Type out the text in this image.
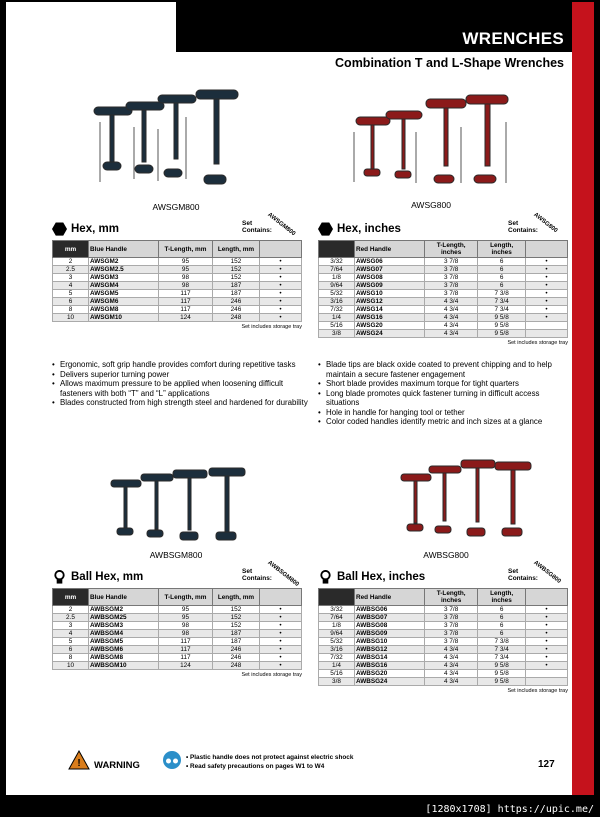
WRENCHES
Combination T and L-Shape Wrenches
AWSGM800	AWSG800
Hex, mm	Set
Contains:
AWSGM800
mm	Blue Handle	T-Length, mm	Length, mm	
2	AWSGM2	95	152	•
2.5	AWSGM2.5	95	152	•
3	AWSGM3	98	152	•
4	AWSGM4	98	187	•
5	AWSGM5	117	187	•
6	AWSGM6	117	246	•
8	AWSGM8	117	246	•
10	AWSGM10	124	248	•
Set includes storage tray
Hex, inches	Set
Contains:
AWSG800
	Red Handle	T-Length, inches	Length, inches	
3/32	AWSG06	3 7/8	6	•
7/64	AWSG07	3 7/8	6	•
1/8	AWSG08	3 7/8	6	•
9/64	AWSG09	3 7/8	6	•
5/32	AWSG10	3 7/8	7 3/8	•
3/16	AWSG12	4 3/4	7 3/4	•
7/32	AWSG14	4 3/4	7 3/4	•
1/4	AWSG16	4 3/4	9 5/8	•
5/16	AWSG20	4 3/4	9 5/8	
3/8	AWSG24	4 3/4	9 5/8	
Set includes storage tray
• Ergonomic, soft grip handle provides comfort during repetitive tasks
• Delivers superior turning power
• Allows maximum pressure to be applied when loosening difficult fasteners with both “T” and “L” applications
• Blades constructed from high strength steel and hardened for durability
• Blade tips are black oxide coated to prevent chipping and to help maintain a secure fastener engagement
• Short blade provides maximum torque for tight quarters
• Long blade promotes quick fastener turning in difficult access situations
• Hole in handle for hanging tool or tether
• Color coded handles identify metric and inch sizes at a glance
AWBSGM800	AWBSG800
Ball Hex, mm	Set
Contains:
AWBSGM800
mm	Blue Handle	T-Length, mm	Length, mm	
2	AWBSGM2	95	152	•
2.5	AWBSGM25	95	152	•
3	AWBSGM3	98	152	•
4	AWBSGM4	98	187	•
5	AWBSGM5	117	187	•
6	AWBSGM6	117	246	•
8	AWBSGM8	117	246	•
10	AWBSGM10	124	248	•
Set includes storage tray
Ball Hex, inches	Set
Contains:
AWBSG800
	Red Handle	T-Length, inches	Length, inches	
3/32	AWBSG06	3 7/8	6	•
7/64	AWBSG07	3 7/8	6	•
1/8	AWBSG08	3 7/8	6	•
9/64	AWBSG09	3 7/8	6	•
5/32	AWBSG10	3 7/8	7 3/8	•
3/16	AWBSG12	4 3/4	7 3/4	•
7/32	AWBSG14	4 3/4	7 3/4	•
1/4	AWBSG16	4 3/4	9 5/8	•
5/16	AWBSG20	4 3/4	9 5/8	
3/8	AWBSG24	4 3/4	9 5/8	
Set includes storage tray
! WARNING
• Plastic handle does not protect against electric shock
• Read safety precautions on pages W1 to W4	127
[1280x1708] https://upic.me/
